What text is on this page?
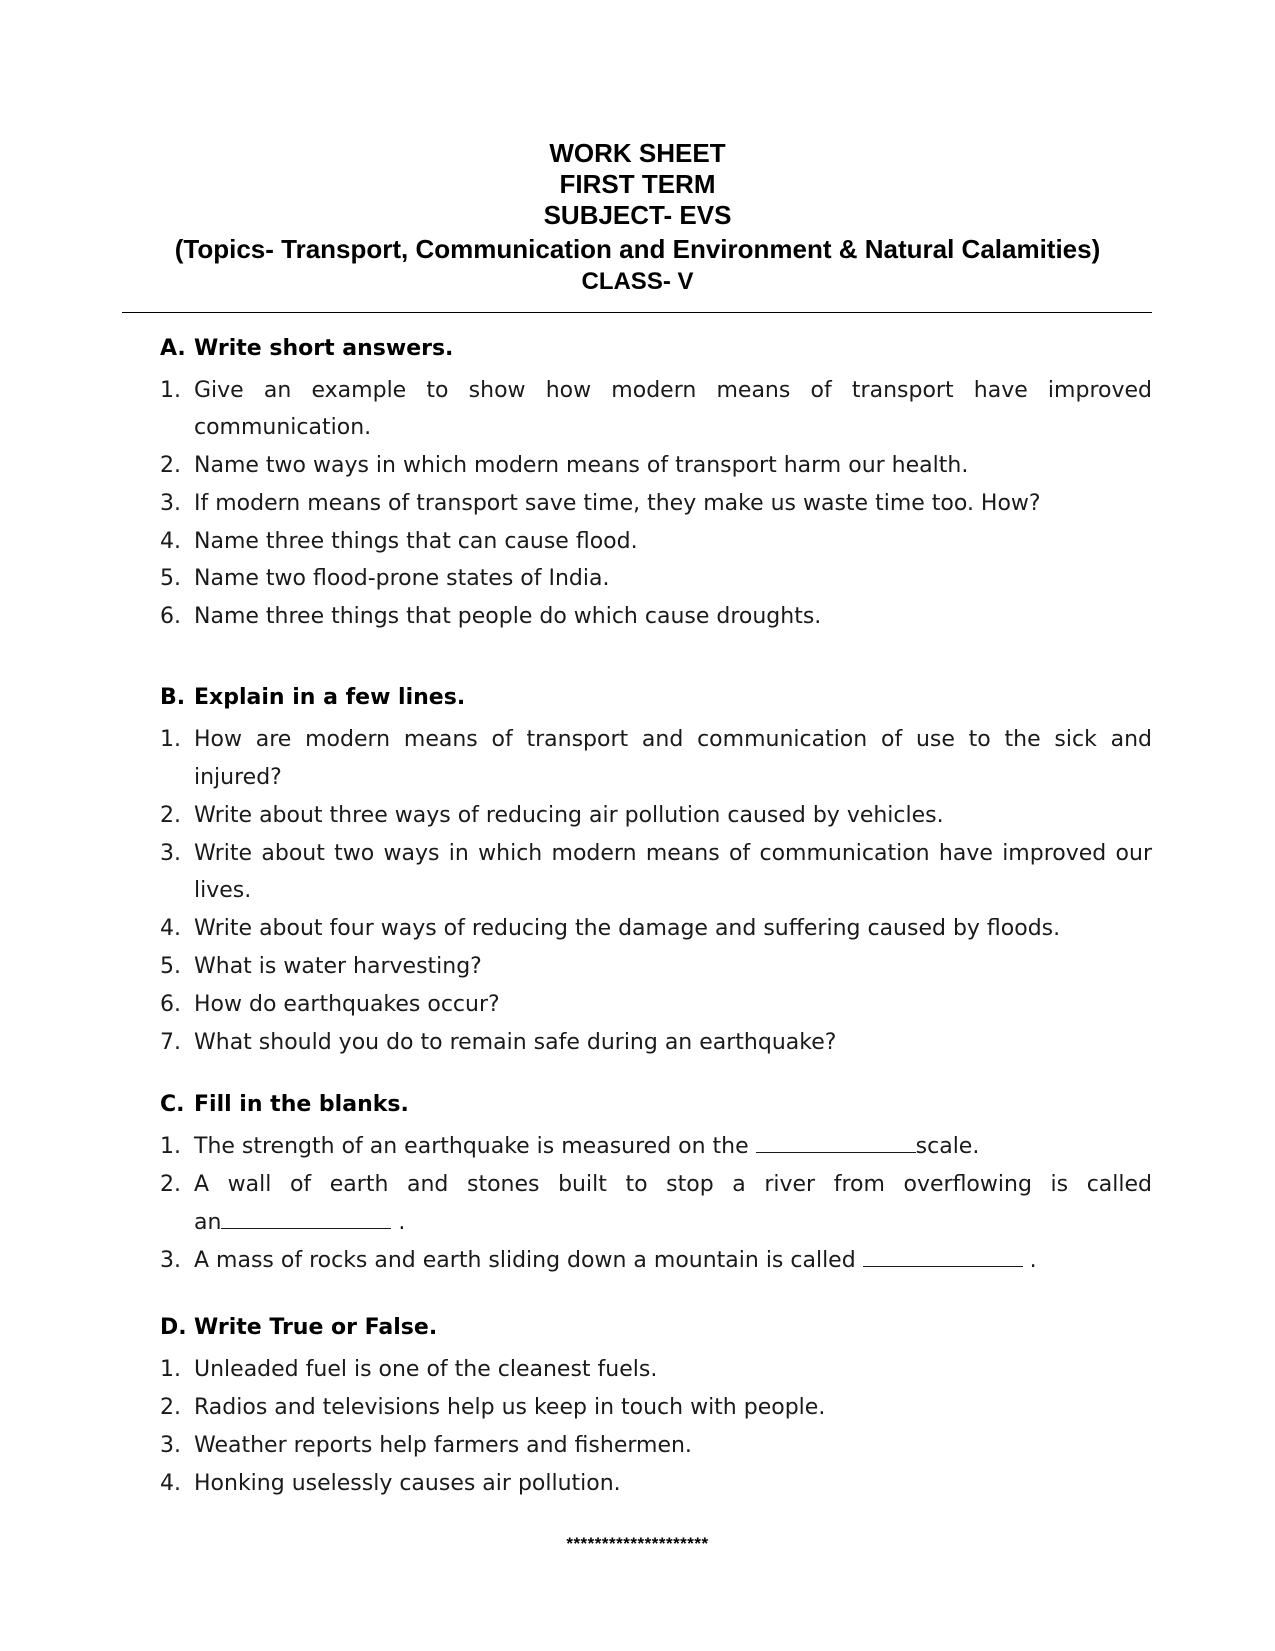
WORK SHEET
FIRST TERM
SUBJECT- EVS
(Topics- Transport, Communication and Environment & Natural Calamities)
CLASS- V
A. Write short answers.
1. Give an example to show how modern means of transport have improved
communication.
2. Name two ways in which modern means of transport harm our health.
3. If modern means of transport save time, they make us waste time too. How?
4. Name three things that can cause flood.
5. Name two flood-prone states of India.
6. Name three things that people do which cause droughts.
B. Explain in a few lines.
1. How are modern means of transport and communication of use to the sick and
injured?
2. Write about three ways of reducing air pollution caused by vehicles.
3. Write about two ways in which modern means of communication have improved our
lives.
4. Write about four ways of reducing the damage and suffering caused by floods.
5. What is water harvesting?
6. How do earthquakes occur?
7. What should you do to remain safe during an earthquake?
C. Fill in the blanks.
1. The strength of an earthquake is measured on the	scale.
2. A wall of earth and stones built to stop a river from overflowing is called
an	.
3. A mass of rocks and earth sliding down a mountain is called	.
D. Write True or False.
1. Unleaded fuel is one of the cleanest fuels.
2. Radios and televisions help us keep in touch with people.
3. Weather reports help farmers and fishermen.
4. Honking uselessly causes air pollution.
********************
